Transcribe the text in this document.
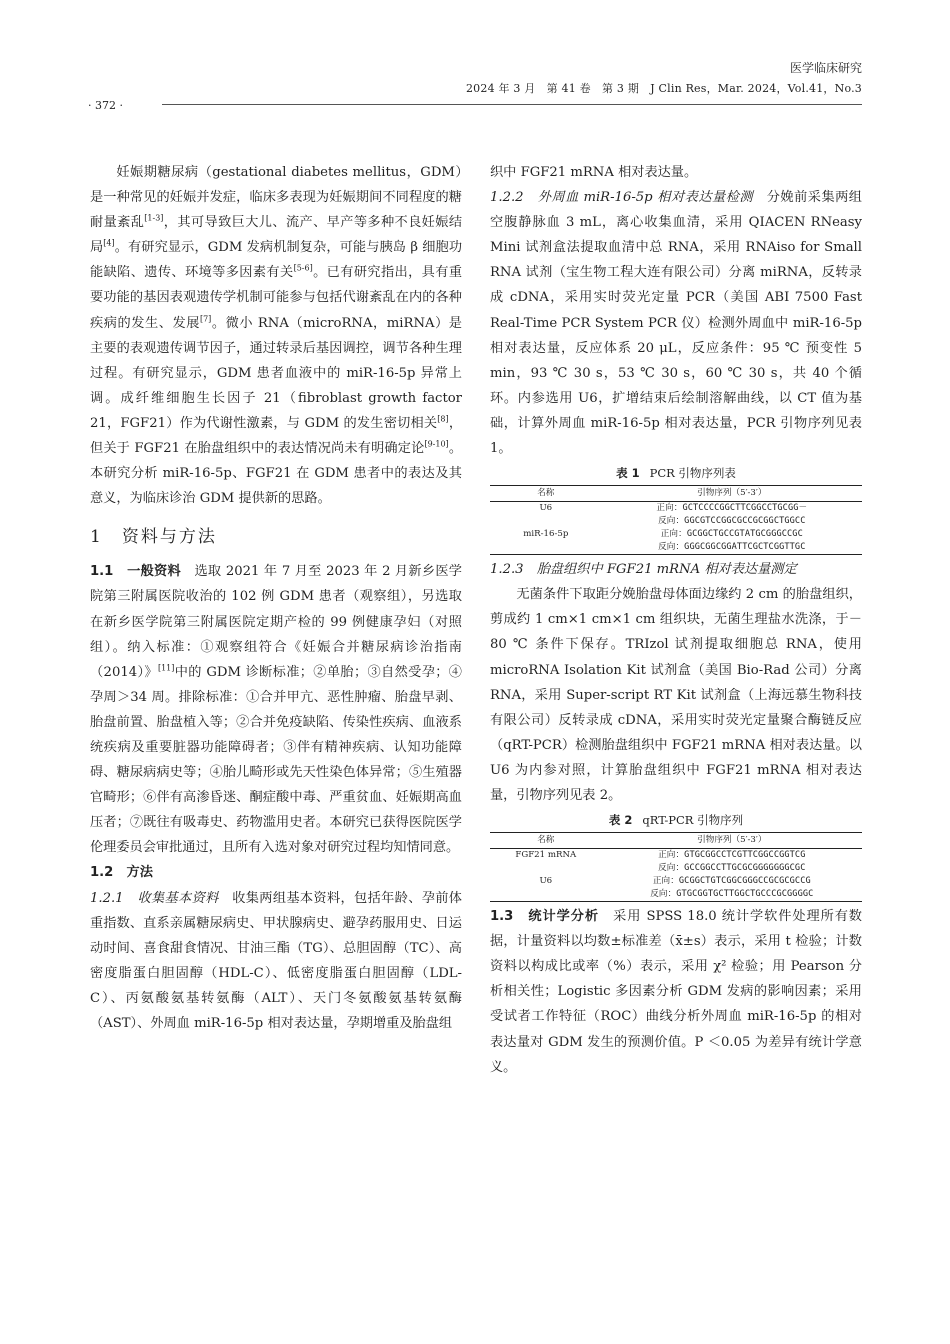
医学临床研究
2024 年 3 月　第 41 卷　第 3 期　J Clin Res，Mar. 2024，Vol.41，No.3
· 372 ·

妊娠期糖尿病（gestational diabetes mellitus，GDM）是一种常见的妊娠并发症，临床多表现为妊娠期间不同程度的糖耐量紊乱[1-3]，其可导致巨大儿、流产、早产等多种不良妊娠结局[4]。有研究显示，GDM 发病机制复杂，可能与胰岛 β 细胞功能缺陷、遗传、环境等多因素有关[5-6]。已有研究指出，具有重要功能的基因表观遗传学机制可能参与包括代谢紊乱在内的各种疾病的发生、发展[7]。微小 RNA（microRNA，miRNA）是主要的表观遗传调节因子，通过转录后基因调控，调节各种生理过程。有研究显示，GDM 患者血液中的 miR-16-5p 异常上调。成纤维细胞生长因子 21（fibroblast growth factor 21，FGF21）作为代谢性激素，与 GDM 的发生密切相关[8]，但关于 FGF21 在胎盘组织中的表达情况尚未有明确定论[9-10]。本研究分析 miR-16-5p、FGF21 在 GDM 患者中的表达及其意义，为临床诊治 GDM 提供新的思路。

1　资料与方法

1.1　一般资料　选取 2021 年 7 月至 2023 年 2 月新乡医学院第三附属医院收治的 102 例 GDM 患者（观察组），另选取在新乡医学院第三附属医院定期产检的 99 例健康孕妇（对照组）。纳入标准：①观察组符合《妊娠合并糖尿病诊治指南（2014）》[11]中的 GDM 诊断标准；②单胎；③自然受孕；④孕周＞34 周。排除标准：①合并甲亢、恶性肿瘤、胎盘早剥、胎盘前置、胎盘植入等；②合并免疫缺陷、传染性疾病、血液系统疾病及重要脏器功能障碍者；③伴有精神疾病、认知功能障碍、糖尿病病史等；④胎儿畸形或先天性染色体异常；⑤生殖器官畸形；⑥伴有高渗昏迷、酮症酸中毒、严重贫血、妊娠期高血压者；⑦既往有吸毒史、药物滥用史者。本研究已获得医院医学伦理委员会审批通过，且所有入选对象对研究过程均知情同意。

1.2　方法

1.2.1　收集基本资料　收集两组基本资料，包括年龄、孕前体重指数、直系亲属糖尿病史、甲状腺病史、避孕药服用史、日运动时间、喜食甜食情况、甘油三酯（TG）、总胆固醇（TC）、高密度脂蛋白胆固醇（HDL-C）、低密度脂蛋白胆固醇（LDL-C）、丙氨酸氨基转氨酶（ALT）、天门冬氨酸氨基转氨酶（AST）、外周血 miR-16-5p 相对表达量，孕期增重及胎盘组

织中 FGF21 mRNA 相对表达量。

1.2.2　外周血 miR-16-5p 相对表达量检测　分娩前采集两组空腹静脉血 3 mL，离心收集血清，采用 QIACEN RNeasy Mini 试剂盒法提取血清中总 RNA，采用 RNAiso for Small RNA 试剂（宝生物工程大连有限公司）分离 miRNA，反转录成 cDNA，采用实时荧光定量 PCR（美国 ABI 7500 Fast Real-Time PCR System PCR 仪）检测外周血中 miR-16-5p 相对表达量，反应体系 20 μL，反应条件：95 ℃ 预变性 5 min，93 ℃ 30 s，53 ℃ 30 s，60 ℃ 30 s，共 40 个循环。内参选用 U6，扩增结束后绘制溶解曲线，以 CT 值为基础，计算外周血 miR-16-5p 相对表达量，PCR 引物序列见表 1。

表 1 PCR 引物序列表
名称	引物序列（5′-3′）
U6	正向：GCTCCCCGGCTTCGGCCTGCGG－
	反向：GGCGTCCGGCGCCGCGGCTGGCC
miR-16-5p	正向：GCGGCTGCCGTATGCGGGCCGC
	反向：GGGCGGCGGATTCGCTCGGTTGC

1.2.3　胎盘组织中 FGF21 mRNA 相对表达量测定

无菌条件下取距分娩胎盘母体面边缘约 2 cm 的胎盘组织，剪成约 1 cm×1 cm×1 cm 组织块，无菌生理盐水洗涤，于－80 ℃ 条件下保存。TRIzol 试剂提取细胞总 RNA，使用 microRNA Isolation Kit 试剂盒（美国 Bio-Rad 公司）分离 RNA，采用 Super-script RT Kit 试剂盒（上海远慕生物科技有限公司）反转录成 cDNA，采用实时荧光定量聚合酶链反应（qRT-PCR）检测胎盘组织中 FGF21 mRNA 相对表达量。以 U6 为内参对照，计算胎盘组织中 FGF21 mRNA 相对表达量，引物序列见表 2。

表 2 qRT-PCR 引物序列
名称	引物序列（5′-3′）
FGF21 mRNA	正向：GTGCGGCCTCGTTCGGCCGGTCG
	反向：GCCGGCCTTGCGCGGGGGGGCGC
U6	正向：GCGGCTGTCGGCGGGCCGCGCGCCG
	反向：GTGCGGTGCTTGGCTGCCCGCGGGGC

1.3　统计学分析　采用 SPSS 18.0 统计学软件处理所有数据，计量资料以均数±标准差（x̄±s）表示，采用 t 检验；计数资料以构成比或率（%）表示，采用 χ² 检验；用 Pearson 分析相关性；Logistic 多因素分析 GDM 发病的影响因素；采用受试者工作特征（ROC）曲线分析外周血 miR-16-5p 的相对表达量对 GDM 发生的预测价值。P ＜0.05 为差异有统计学意义。
